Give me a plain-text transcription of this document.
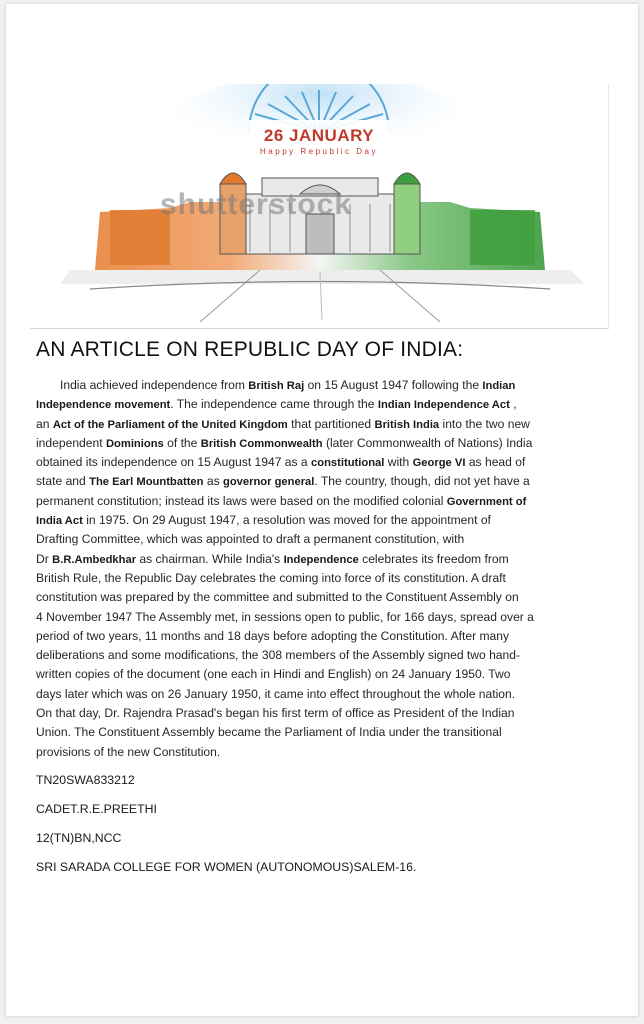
26 JANUARY
Happy Republic Day
shutterstock
AN ARTICLE ON REPUBLIC DAY OF INDIA:
India achieved independence from British Raj on 15 August 1947 following the Indian
Independence movement. The independence came through the Indian Independence Act ,
an Act of the Parliament of the United Kingdom that partitioned British India into the two new
independent Dominions of the British Commonwealth (later Commonwealth of Nations) India
obtained its independence on 15 August 1947 as a constitutional with George VI as head of
state and The Earl Mountbatten as governor general. The country, though, did not yet have a
permanent constitution; instead its laws were based on the modified colonial Government of
India Act in 1975. On 29 August 1947, a resolution was moved for the appointment of
Drafting Committee, which was appointed to draft a permanent constitution, with
Dr B.R.Ambedkhar as chairman. While India's Independence celebrates its freedom from
British Rule, the Republic Day celebrates the coming into force of its constitution. A draft
constitution was prepared by the committee and submitted to the Constituent Assembly on
4 November 1947 The Assembly met, in sessions open to public, for 166 days, spread over a
period of two years, 11 months and 18 days before adopting the Constitution. After many
deliberations and some modifications, the 308 members of the Assembly signed two hand-
written copies of the document (one each in Hindi and English) on 24 January 1950. Two
days later which was on 26 January 1950, it came into effect throughout the whole nation.
On that day, Dr. Rajendra Prasad's began his first term of office as President of the Indian
Union. The Constituent Assembly became the Parliament of India under the transitional
provisions of the new Constitution.
TN20SWA833212
CADET.R.E.PREETHI
12(TN)BN,NCC
SRI SARADA COLLEGE FOR WOMEN (AUTONOMOUS)SALEM-16.
